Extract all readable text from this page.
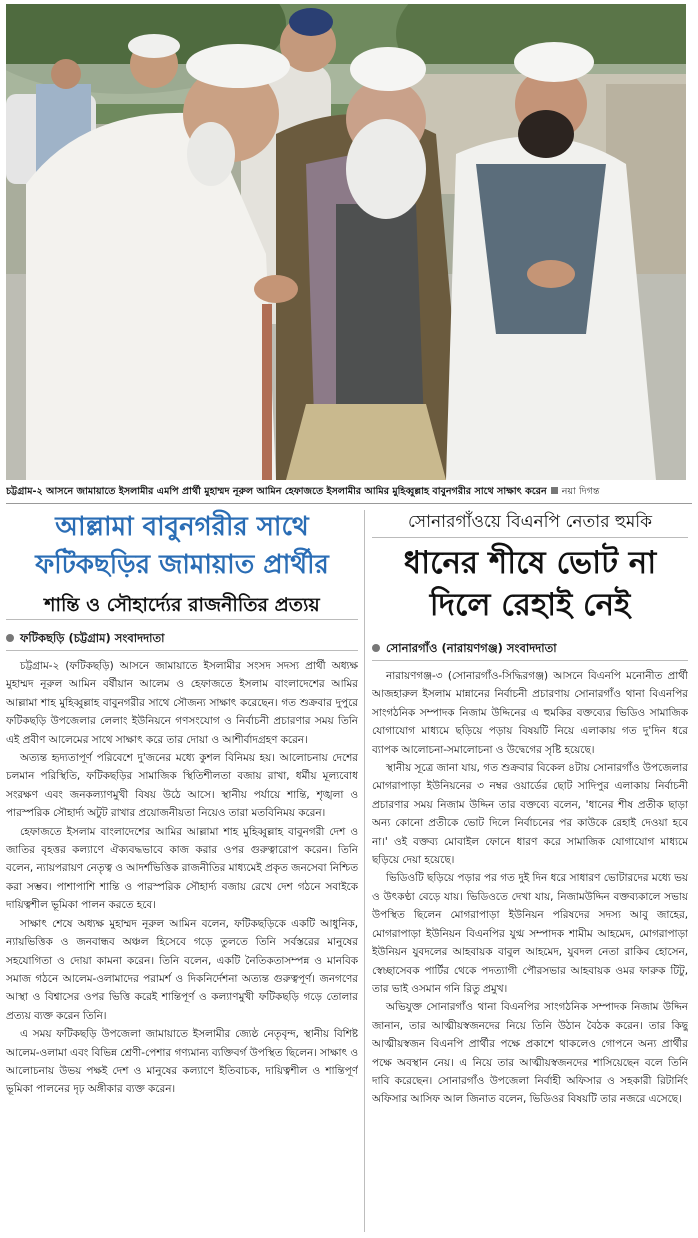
চট্টগ্রাম-২ আসনে জামায়াতে ইসলামীর এমপি প্রার্থী মুহাম্মদ নূরুল আমিন হেফাজতে ইসলামীর আমির মুহিব্বুল্লাহ বাবুনগরীর সাথে সাক্ষাৎ করেন নয়া দিগন্ত
আল্লামা বাবুনগরীর সাথে ফটিকছড়ির জামায়াত প্রার্থীর
শান্তি ও সৌহার্দ্যের রাজনীতির প্রত্যয়
ফটিকছড়ি (চট্টগ্রাম) সংবাদদাতা

চট্টগ্রাম-২ (ফটিকছড়ি) আসনে জামায়াতে ইসলামীর সংসদ সদস্য প্রার্থী অধ্যক্ষ মুহাম্মদ নূরুল আমিন বর্ষীয়ান আলেম ও হেফাজতে ইসলাম বাংলাদেশের আমির আল্লামা শাহ মুহিব্বুল্লাহ বাবুনগরীর সাথে সৌজন্য সাক্ষাৎ করেছেন। গত শুক্রবার দুপুরে ফটিকছড়ি উপজেলার লেলাং ইউনিয়নে গণসংযোগ ও নির্বাচনী প্রচারণার সময় তিনি এই প্রবীণ আলেমের সাথে সাক্ষাৎ করে তার দোয়া ও আশীর্বাদগ্রহণ করেন।

অত্যন্ত হৃদ্যতাপূর্ণ পরিবেশে দু'জনের মধ্যে কুশল বিনিময় হয়। আলোচনায় দেশের চলমান পরিস্থিতি, ফটিকছড়ির সামাজিক স্থিতিশীলতা বজায় রাখা, ধর্মীয় মূল্যবোধ সংরক্ষণ এবং জনকল্যাণমুখী বিষয় উঠে আসে। স্থানীয় পর্যায়ে শান্তি, শৃঙ্খলা ও পারস্পরিক সৌহার্দ্য অটুট রাখার প্রয়োজনীয়তা নিয়েও তারা মতবিনিময় করেন।

হেফাজতে ইসলাম বাংলাদেশের আমির আল্লামা শাহ মুহিব্বুল্লাহ বাবুনগরী দেশ ও জাতির বৃহত্তর কল্যাণে ঐক্যবদ্ধভাবে কাজ করার ওপর গুরুত্বারোপ করেন। তিনি বলেন, ন্যায়পরায়ণ নেতৃত্ব ও আদর্শভিত্তিক রাজনীতির মাধ্যমেই প্রকৃত জনসেবা নিশ্চিত করা সম্ভব। পাশাপাশি শান্তি ও পারস্পরিক সৌহার্দ্য বজায় রেখে দেশ গঠনে সবাইকে দায়িত্বশীল ভূমিকা পালন করতে হবে।

সাক্ষাৎ শেষে অধ্যক্ষ মুহাম্মদ নূরুল আমিন বলেন, ফটিকছড়িকে একটি আধুনিক, ন্যায়ভিত্তিক ও জনবান্ধব অঞ্চল হিসেবে গড়ে তুলতে তিনি সর্বস্তরের মানুষের সহযোগিতা ও দোয়া কামনা করেন। তিনি বলেন, একটি নৈতিকতাসম্পন্ন ও মানবিক সমাজ গঠনে আলেম-ওলামাদের পরামর্শ ও দিকনির্দেশনা অত্যন্ত গুরুত্বপূর্ণ। জনগণের আস্থা ও বিশ্বাসের ওপর ভিত্তি করেই শান্তিপূর্ণ ও কল্যাণমুখী ফটিকছড়ি গড়ে তোলার প্রত্যয় ব্যক্ত করেন তিনি।

এ সময় ফটিকছড়ি উপজেলা জামায়াতে ইসলামীর জ্যেষ্ঠ নেতৃবৃন্দ, স্থানীয় বিশিষ্ট আলেম-ওলামা এবং বিভিন্ন শ্রেণী-পেশার গণ্যমান্য ব্যক্তিবর্গ উপস্থিত ছিলেন। সাক্ষাৎ ও আলোচনায় উভয় পক্ষই দেশ ও মানুষের কল্যাণে ইতিবাচক, দায়িত্বশীল ও শান্তিপূর্ণ ভূমিকা পালনের দৃঢ় অঙ্গীকার ব্যক্ত করেন।

সোনারগাঁওয়ে বিএনপি নেতার হুমকি
ধানের শীষে ভোট না দিলে রেহাই নেই
সোনারগাঁও (নারায়ণগঞ্জ) সংবাদদাতা

নারায়ণগঞ্জ-৩ (সোনারগাঁও-সিদ্ধিরগঞ্জ) আসনে বিএনপি মনোনীত প্রার্থী আজহারুল ইসলাম মান্নানের নির্বাচনী প্রচারণায় সোনারগাঁও থানা বিএনপির সাংগঠনিক সম্পাদক নিজাম উদ্দিনের এ হুমকির বক্তব্যের ভিডিও সামাজিক যোগাযোগ মাধ্যমে ছড়িয়ে পড়ায় বিষয়টি নিয়ে এলাকায় গত দু'দিন ধরে ব্যাপক আলোচনা-সমালোচনা ও উদ্বেগের সৃষ্টি হয়েছে।

স্থানীয় সূত্রে জানা যায়, গত শুক্রবার বিকেল ৪টায় সোনারগাঁও উপজেলার মোগরাপাড়া ইউনিয়নের ৩ নম্বর ওয়ার্ডের ছোট সাদিপুর এলাকায় নির্বাচনী প্রচারণার সময় নিজাম উদ্দিন তার বক্তব্যে বলেন, 'ধানের শীষ প্রতীক ছাড়া অন্য কোনো প্রতীকে ভোট দিলে নির্বাচনের পর কাউকে রেহাই দেওয়া হবে না।' ওই বক্তব্য মোবাইল ফোনে ধারণ করে সামাজিক যোগাযোগ মাধ্যমে ছড়িয়ে দেয়া হয়েছে।

ভিডিওটি ছড়িয়ে পড়ার পর গত দুই দিন ধরে সাধারণ ভোটারদের মধ্যে ভয় ও উৎকণ্ঠা বেড়ে যায়। ভিডিওতে দেখা যায়, নিজামউদ্দিন বক্তব্যকালে সভায় উপস্থিত ছিলেন মোগরাপাড়া ইউনিয়ন পরিষদের সদস্য আবু জাহের, মোগরাপাড়া ইউনিয়ন বিএনপির যুগ্ম সম্পাদক শামীম আহমেদ, মোগরাপাড়া ইউনিয়ন যুবদলের আহবায়ক বাবুল আহমেদ, যুবদল নেতা রাকিব হোসেন, স্বেচ্ছাসেবক পার্টির থেকে পদত্যাগী পৌরসভার আহবায়ক ওমর ফারুক টিটু, তার ভাই ওসমান গনি রিতু প্রমুখ।

অভিযুক্ত সোনারগাঁও থানা বিএনপির সাংগঠনিক সম্পাদক নিজাম উদ্দিন জানান, তার আত্মীয়স্বজনদের নিয়ে তিনি উঠান বৈঠক করেন। তার কিছু আত্মীয়স্বজন বিএনপি প্রার্থীর পক্ষে প্রকাশে থাকলেও গোপনে অন্য প্রার্থীর পক্ষে অবস্থান নেয়। এ নিয়ে তার আত্মীয়স্বজনদের শাসিয়েছেন বলে তিনি দাবি করেছেন। সোনারগাঁও উপজেলা নির্বাহী অফিসার ও সহকারী রিটার্নিং অফিসার আসিফ আল জিনাত বলেন, ভিডিওর বিষয়টি তার নজরে এসেছে।
